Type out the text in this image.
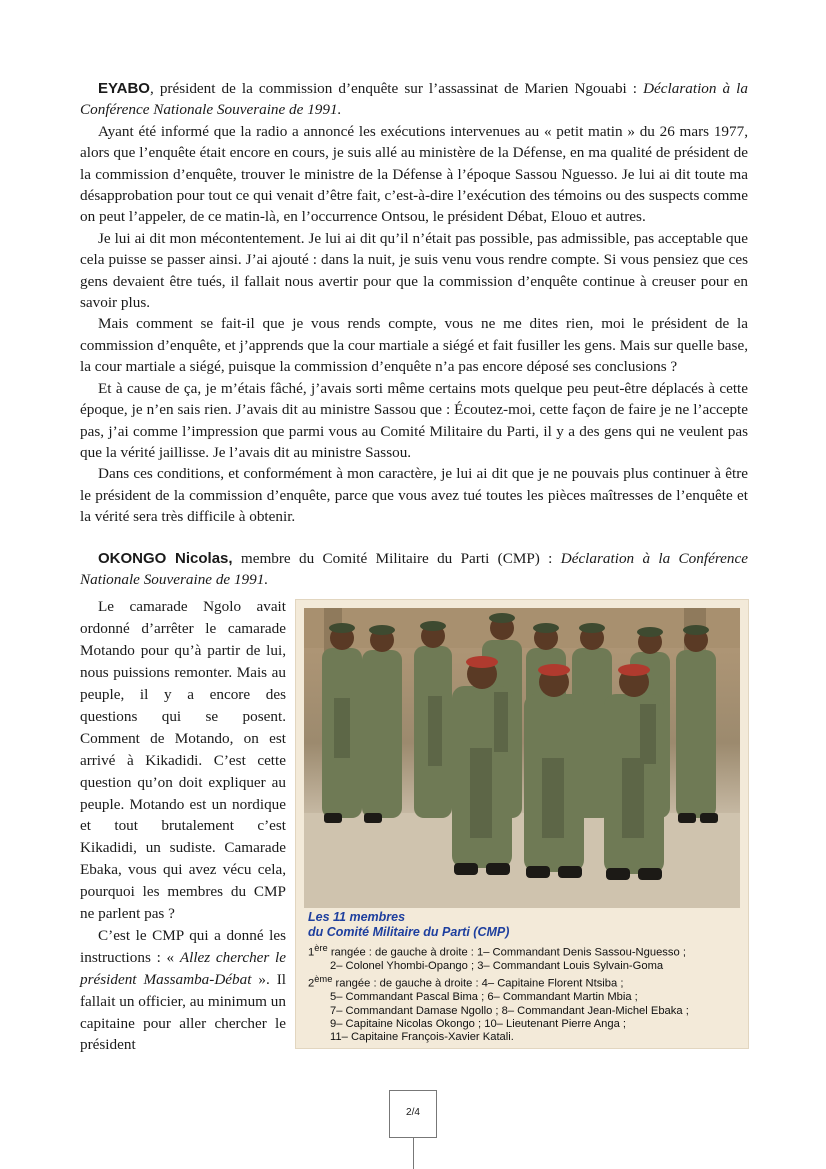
EYABO, président de la commission d’enquête sur l’assassinat de Marien Ngouabi : Déclaration à la Conférence Nationale Souveraine de 1991.

Ayant été informé que la radio a annoncé les exécutions intervenues au « petit matin » du 26 mars 1977, alors que l’enquête était encore en cours, je suis allé au ministère de la Défense, en ma qualité de président de la commission d’enquête, trouver le ministre de la Défense à l’époque Sassou Nguesso. Je lui ai dit toute ma désapprobation pour tout ce qui venait d’être fait, c’est-à-dire l’exécution des témoins ou des suspects comme on peut l’appeler, de ce matin-là, en l’occurrence Ontsou, le président Débat, Elouo et autres.

Je lui ai dit mon mécontentement. Je lui ai dit qu’il n’était pas possible, pas admissible, pas acceptable que cela puisse se passer ainsi. J’ai ajouté : dans la nuit, je suis venu vous rendre compte. Si vous pensiez que ces gens devaient être tués, il fallait nous avertir pour que la commission d’enquête continue à creuser pour en savoir plus.

Mais comment se fait-il que je vous rends compte, vous ne me dites rien, moi le président de la commission d’enquête, et j’apprends que la cour martiale a siégé et fait fusiller les gens. Mais sur quelle base, la cour martiale a siégé, puisque la commission d’enquête n’a pas encore déposé ses conclusions ?

Et à cause de ça, je m’étais fâché, j’avais sorti même certains mots quelque peu peut-être déplacés à cette époque, je n’en sais rien. J’avais dit au ministre Sassou que : Écoutez-moi, cette façon de faire je ne l’accepte pas, j’ai comme l’impression que parmi vous au Comité Militaire du Parti, il y a des gens qui ne veulent pas que la vérité jaillisse. Je l’avais dit au ministre Sassou.

Dans ces conditions, et conformément à mon caractère, je lui ai dit que je ne pouvais plus continuer à être le président de la commission d’enquête, parce que vous avez tué toutes les pièces maîtresses de l’enquête et la vérité sera très difficile à obtenir.

OKONGO Nicolas, membre du Comité Militaire du Parti (CMP) : Déclaration à la Conférence Nationale Souveraine de 1991.

Le camarade Ngolo avait ordonné d’arrêter le camarade Motando pour qu’à partir de lui, nous puissions remonter. Mais au peuple, il y a encore des questions qui se posent. Comment de Motando, on est arrivé à Kikadidi. C’est cette question qu’on doit expliquer au peuple. Motando est un nordique et tout brutalement c’est Kikadidi, un sudiste. Camarade Ebaka, vous qui avez vécu cela, pourquoi les membres du CMP ne parlent pas ?

C’est le CMP qui a donné les instructions : « Allez chercher le président Massamba-Débat ». Il fallait un officier, au minimum un capitaine pour aller chercher le président

Les 11 membres
du Comité Militaire du Parti (CMP)
1ère rangée : de gauche à droite : 1– Commandant Denis Sassou-Nguesso ;
2– Colonel Yhombi-Opango ; 3– Commandant Louis Sylvain-Goma
2ème rangée : de gauche à droite : 4– Capitaine Florent Ntsiba ;
5– Commandant Pascal Bima ; 6– Commandant Martin Mbia ;
7– Commandant Damase Ngollo ; 8– Commandant Jean-Michel Ebaka ;
9– Capitaine Nicolas Okongo ; 10– Lieutenant Pierre Anga ;
11– Capitaine François-Xavier Katali.
2/4
